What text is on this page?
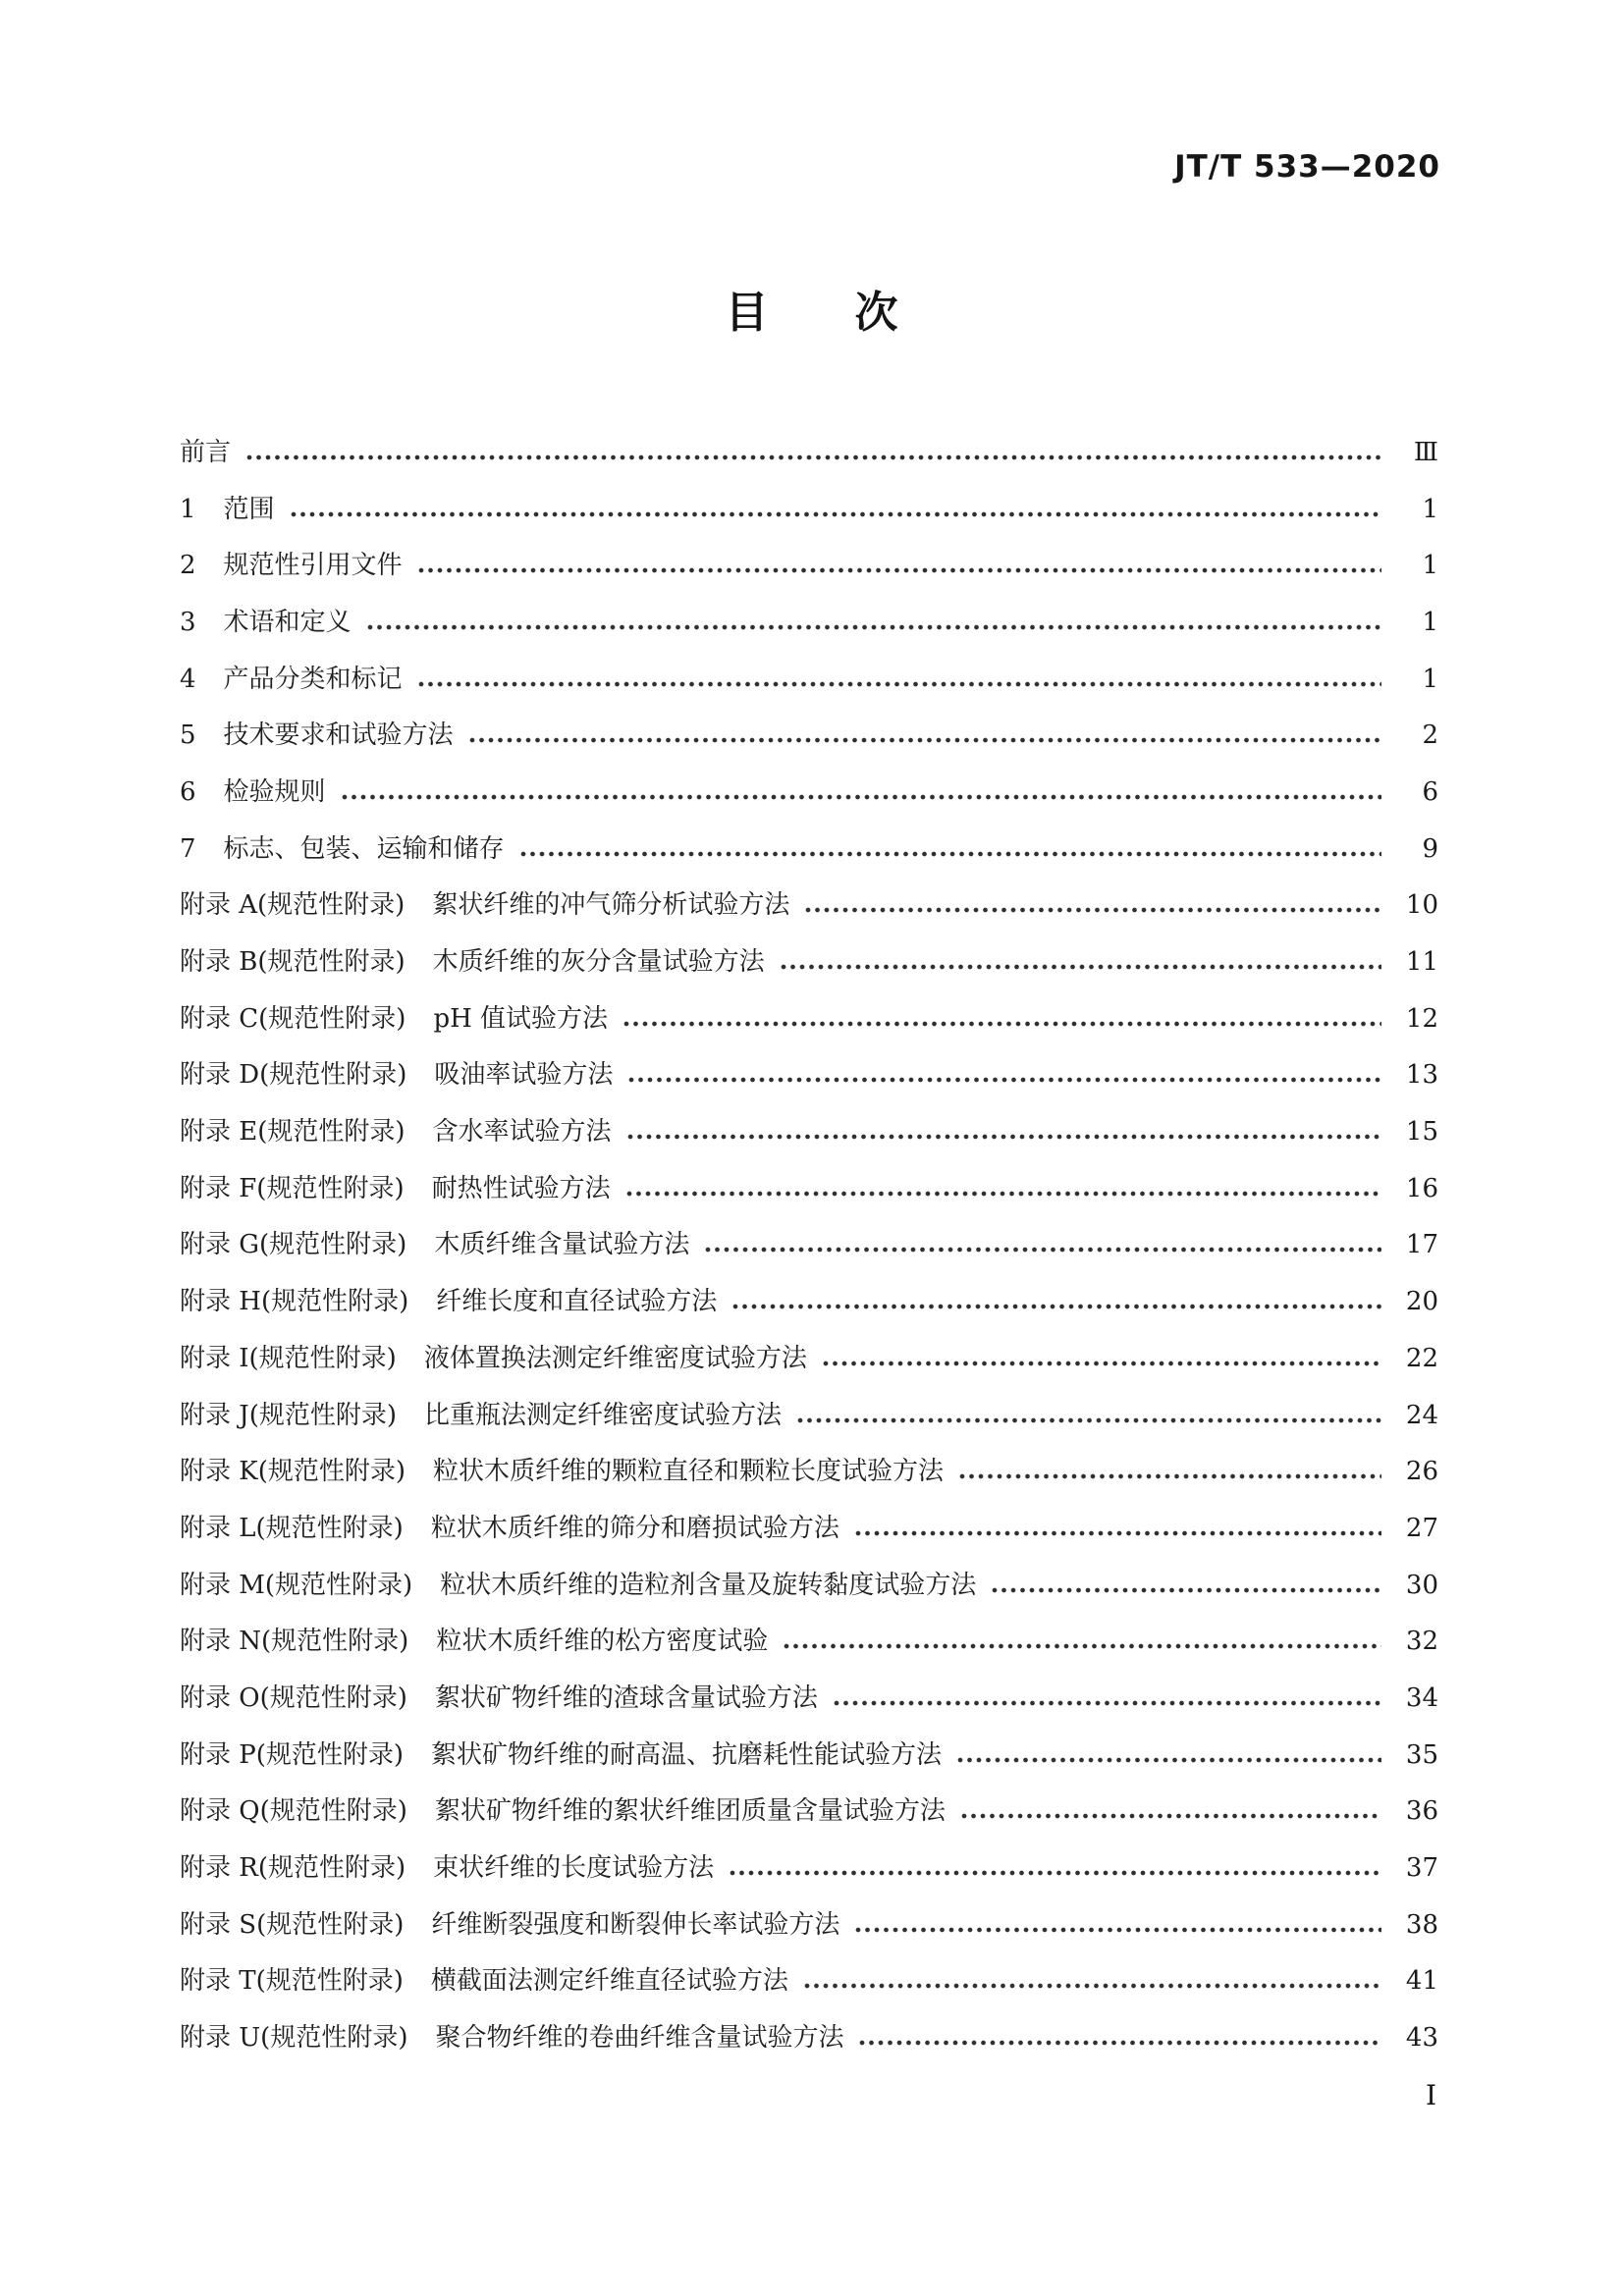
JT/T 533—2020
目　　次
前言	Ⅲ
1 范围	1
2 规范性引用文件	1
3 术语和定义	1
4 产品分类和标记	1
5 技术要求和试验方法	2
6 检验规则	6
7 标志、包装、运输和储存	9
附录 A(规范性附录) 絮状纤维的冲气筛分析试验方法	10
附录 B(规范性附录) 木质纤维的灰分含量试验方法	11
附录 C(规范性附录) pH 值试验方法	12
附录 D(规范性附录) 吸油率试验方法	13
附录 E(规范性附录) 含水率试验方法	15
附录 F(规范性附录) 耐热性试验方法	16
附录 G(规范性附录) 木质纤维含量试验方法	17
附录 H(规范性附录) 纤维长度和直径试验方法	20
附录 I(规范性附录) 液体置换法测定纤维密度试验方法	22
附录 J(规范性附录) 比重瓶法测定纤维密度试验方法	24
附录 K(规范性附录) 粒状木质纤维的颗粒直径和颗粒长度试验方法	26
附录 L(规范性附录) 粒状木质纤维的筛分和磨损试验方法	27
附录 M(规范性附录) 粒状木质纤维的造粒剂含量及旋转黏度试验方法	30
附录 N(规范性附录) 粒状木质纤维的松方密度试验	32
附录 O(规范性附录) 絮状矿物纤维的渣球含量试验方法	34
附录 P(规范性附录) 絮状矿物纤维的耐高温、抗磨耗性能试验方法	35
附录 Q(规范性附录) 絮状矿物纤维的絮状纤维团质量含量试验方法	36
附录 R(规范性附录) 束状纤维的长度试验方法	37
附录 S(规范性附录) 纤维断裂强度和断裂伸长率试验方法	38
附录 T(规范性附录) 横截面法测定纤维直径试验方法	41
附录 U(规范性附录) 聚合物纤维的卷曲纤维含量试验方法	43
Ⅰ
